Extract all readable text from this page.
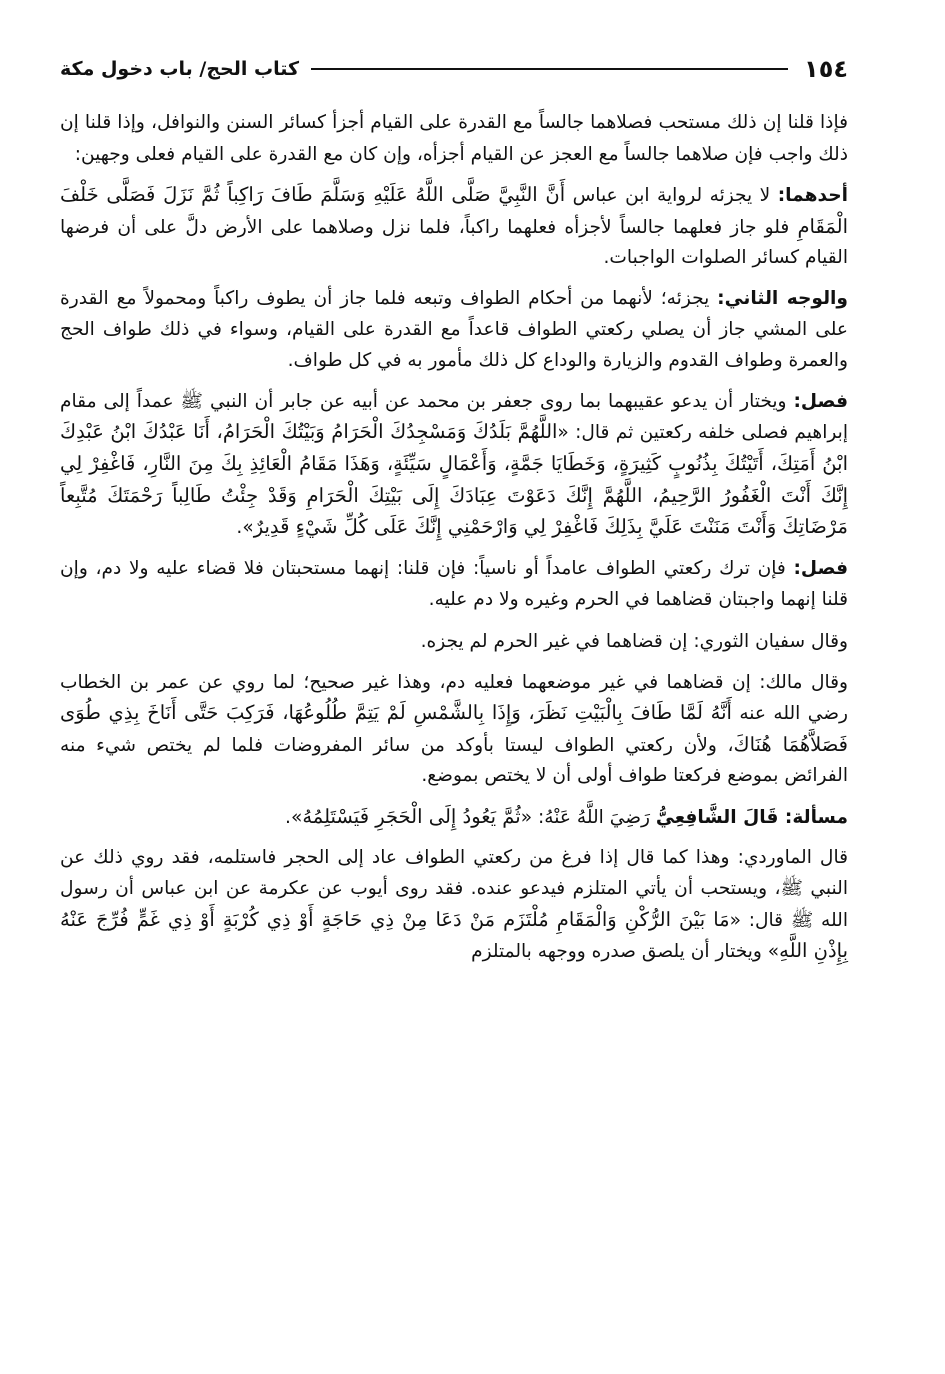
١٥٤
كتاب الحج/ باب دخول مكة

فإذا قلنا إن ذلك مستحب فصلاهما جالساً مع القدرة على القيام أجزأ كسائر السنن والنوافل، وإذا قلنا إن ذلك واجب فإن صلاهما جالساً مع العجز عن القيام أجزأه، وإن كان مع القدرة على القيام فعلى وجهين:

أحدهما: لا يجزئه لرواية ابن عباس أَنَّ النَّبِيَّ صَلَّى اللَّهُ عَلَيْهِ وَسَلَّمَ طَافَ رَاكِباً ثُمَّ نَزَلَ فَصَلَّى خَلْفَ الْمَقَامِ فلو جاز فعلهما جالساً لأجزأه فعلهما راكباً، فلما نزل وصلاهما على الأرض دلَّ على أن فرضها القيام كسائر الصلوات الواجبات.

والوجه الثاني: يجزئه؛ لأنهما من أحكام الطواف وتبعه فلما جاز أن يطوف راكباً ومحمولاً مع القدرة على المشي جاز أن يصلي ركعتي الطواف قاعداً مع القدرة على القيام، وسواء في ذلك طواف الحج والعمرة وطواف القدوم والزيارة والوداع كل ذلك مأمور به في كل طواف.

فصل: ويختار أن يدعو عقيبهما بما روى جعفر بن محمد عن أبيه عن جابر أن النبي ﷺ عمداً إلى مقام إبراهيم فصلى خلفه ركعتين ثم قال: «اللَّهُمَّ بَلَدُكَ وَمَسْجِدُكَ الْحَرَامُ وَبَيْتُكَ الْحَرَامُ، أَنَا عَبْدُكَ ابْنُ عَبْدِكَ ابْنُ أَمَتِكَ، أَتَيْتُكَ بِذُنُوبٍ كَثِيرَةٍ، وَخَطَايَا جَمَّةٍ، وَأَعْمَالٍ سَيِّئَةٍ، وَهَذَا مَقَامُ الْعَائِذِ بِكَ مِنَ النَّارِ، فَاغْفِرْ لِي إِنَّكَ أَنْتَ الْغَفُورُ الرَّحِيمُ، اللَّهُمَّ إِنَّكَ دَعَوْتَ عِبَادَكَ إِلَى بَيْتِكَ الْحَرَامِ وَقَدْ جِئْتُ طَالِباً رَحْمَتَكَ مُتَّبِعاً مَرْضَاتِكَ وَأَنْتَ مَنَنْتَ عَلَيَّ بِذَلِكَ فَاغْفِرْ لِي وَارْحَمْنِي إِنَّكَ عَلَى كُلِّ شَيْءٍ قَدِيرٌ».

فصل: فإن ترك ركعتي الطواف عامداً أو ناسياً: فإن قلنا: إنهما مستحبتان فلا قضاء عليه ولا دم، وإن قلنا إنهما واجبتان قضاهما في الحرم وغيره ولا دم عليه.

وقال سفيان الثوري: إن قضاهما في غير الحرم لم يجزه.

وقال مالك: إن قضاهما في غير موضعهما فعليه دم، وهذا غير صحيح؛ لما روي عن عمر بن الخطاب رضي الله عنه أَنَّهُ لَمَّا طَافَ بِالْبَيْتِ نَظَرَ، وَإِذَا بِالشَّمْسِ لَمْ يَتِمَّ طُلُوعُهَا، فَرَكِبَ حَتَّى أَنَاخَ بِذِي طُوَى فَصَلاَّهُمَا هُنَاكَ، ولأن ركعتي الطواف ليستا بأوكد من سائر المفروضات فلما لم يختص شيء منه الفرائض بموضع فركعتا طواف أولى أن لا يختص بموضع.

مسألة: قَالَ الشَّافِعِيُّ رَضِيَ اللَّهُ عَنْهُ: «ثُمَّ يَعُودُ إِلَى الْحَجَرِ فَيَسْتَلِمُهُ».

قال الماوردي: وهذا كما قال إذا فرغ من ركعتي الطواف عاد إلى الحجر فاستلمه، فقد روي ذلك عن النبي ﷺ، ويستحب أن يأتي المتلزم فيدعو عنده. فقد روى أيوب عن عكرمة عن ابن عباس أن رسول الله ﷺ قال: «مَا بَيْنَ الرُّكْنِ وَالْمَقَامِ مُلْتَزَم مَنْ دَعَا مِنْ ذِي حَاجَةٍ أَوْ ذِي كُرْبَةٍ أَوْ ذِي غَمٍّ فُرِّجَ عَنْهُ بِإِذْنِ اللَّهِ» ويختار أن يلصق صدره ووجهه بالمتلزم
